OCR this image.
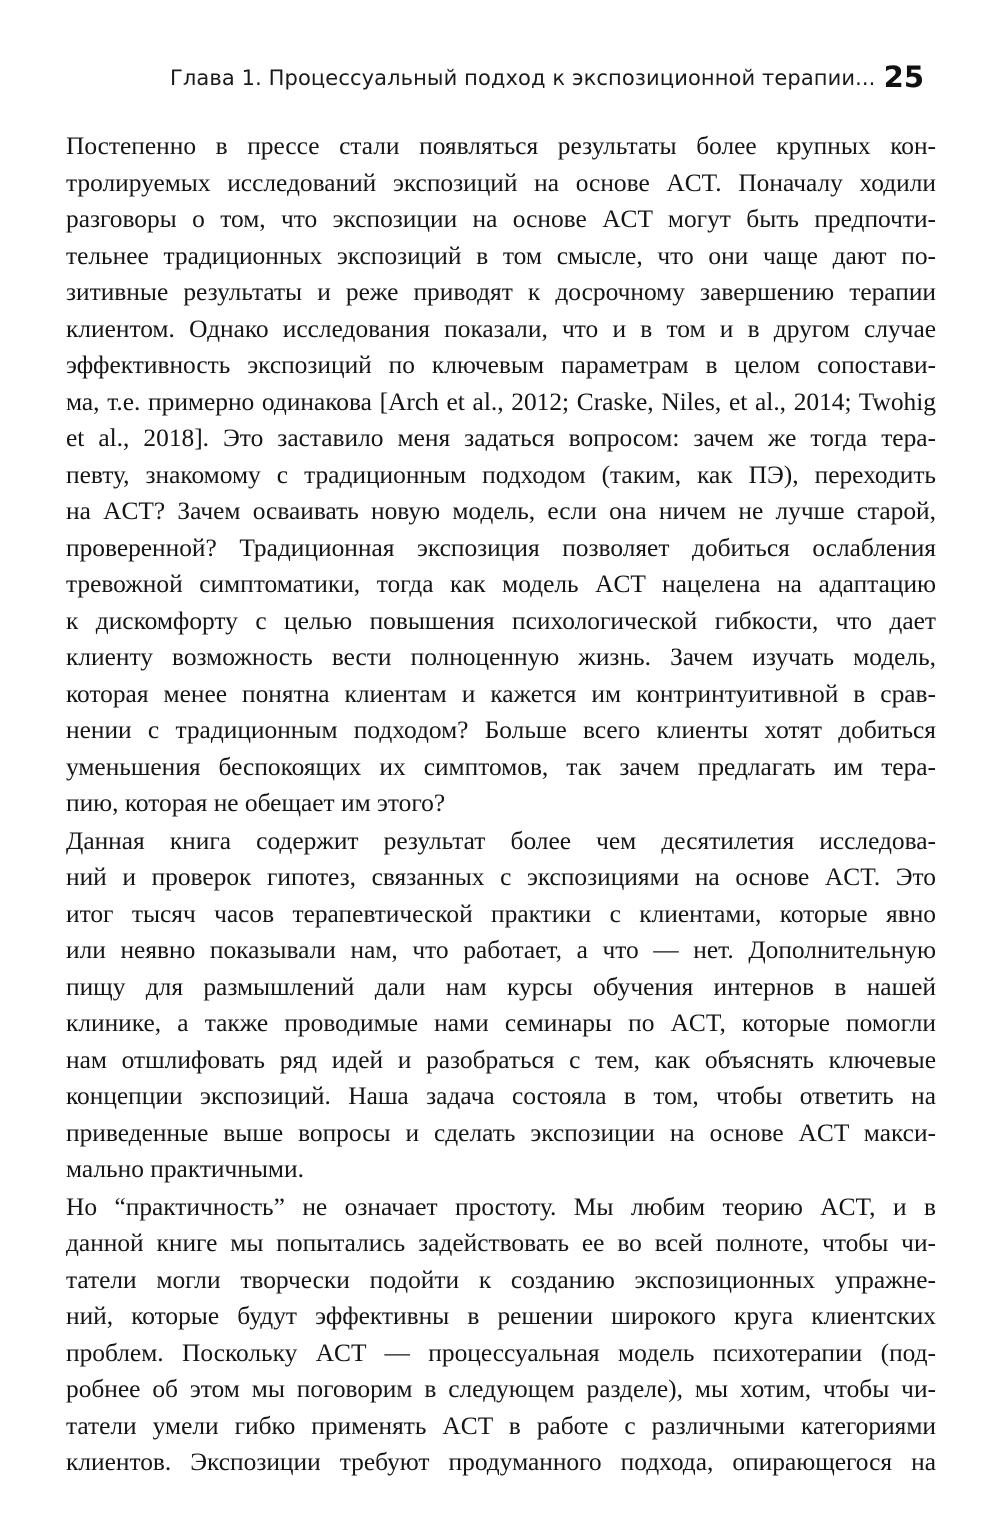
Глава 1. Процессуальный подход к экспозиционной терапии... 25
Постепенно в прессе стали появляться результаты более крупных кон-
тролируемых исследований экспозиций на основе ACT. Поначалу ходили
разговоры о том, что экспозиции на основе ACT могут быть предпочти-
тельнее традиционных экспозиций в том смысле, что они чаще дают по-
зитивные результаты и реже приводят к досрочному завершению терапии
клиентом. Однако исследования показали, что и в том и в другом случае
эффективность экспозиций по ключевым параметрам в целом сопостави-
ма, т.е. примерно одинакова [Arch et al., 2012; Craske, Niles, et al., 2014; Twohig
et al., 2018]. Это заставило меня задаться вопросом: зачем же тогда тера-
певту, знакомому с традиционным подходом (таким, как ПЭ), переходить
на ACT? Зачем осваивать новую модель, если она ничем не лучше старой,
проверенной? Традиционная экспозиция позволяет добиться ослабления
тревожной симптоматики, тогда как модель ACT нацелена на адаптацию
к дискомфорту с целью повышения психологической гибкости, что дает
клиенту возможность вести полноценную жизнь. Зачем изучать модель,
которая менее понятна клиентам и кажется им контринтуитивной в срав-
нении с традиционным подходом? Больше всего клиенты хотят добиться
уменьшения беспокоящих их симптомов, так зачем предлагать им тера-
пию, которая не обещает им этого?
Данная книга содержит результат более чем десятилетия исследова-
ний и проверок гипотез, связанных с экспозициями на основе ACT. Это
итог тысяч часов терапевтической практики с клиентами, которые явно
или неявно показывали нам, что работает, а что — нет. Дополнительную
пищу для размышлений дали нам курсы обучения интернов в нашей
клинике, а также проводимые нами семинары по ACT, которые помогли
нам отшлифовать ряд идей и разобраться с тем, как объяснять ключевые
концепции экспозиций. Наша задача состояла в том, чтобы ответить на
приведенные выше вопросы и сделать экспозиции на основе ACT макси-
мально практичными.
Но “практичность” не означает простоту. Мы любим теорию ACT, и в
данной книге мы попытались задействовать ее во всей полноте, чтобы чи-
татели могли творчески подойти к созданию экспозиционных упражне-
ний, которые будут эффективны в решении широкого круга клиентских
проблем. Поскольку ACT — процессуальная модель психотерапии (под-
робнее об этом мы поговорим в следующем разделе), мы хотим, чтобы чи-
татели умели гибко применять ACT в работе с различными категориями
клиентов. Экспозиции требуют продуманного подхода, опирающегося на
